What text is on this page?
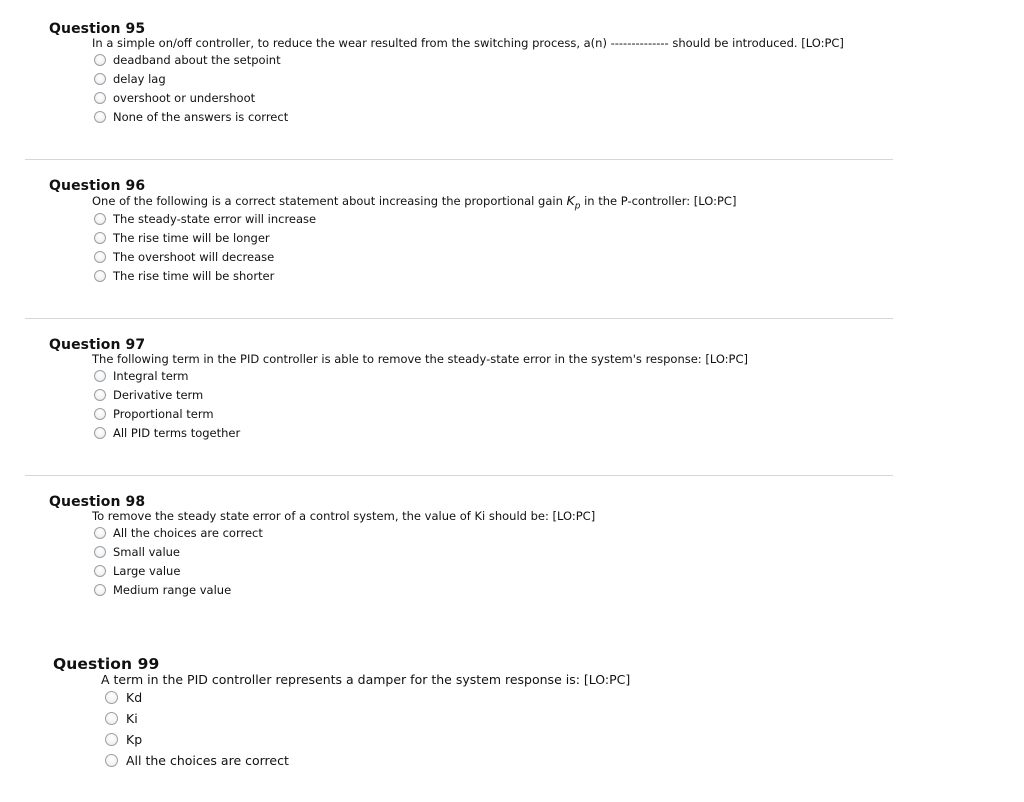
Question 95
In a simple on/off controller, to reduce the wear resulted from the switching process, a(n) -------------- should be introduced. [LO:PC]
deadband about the setpoint
delay lag
overshoot or undershoot
None of the answers is correct
Question 96
One of the following is a correct statement about increasing the proportional gain $K_p$ in the P-controller: [LO:PC]
The steady-state error will increase
The rise time will be longer
The overshoot will decrease
The rise time will be shorter
Question 97
The following term in the PID controller is able to remove the steady-state error in the system's response: [LO:PC]
Integral term
Derivative term
Proportional term
All PID terms together
Question 98
To remove the steady state error of a control system, the value of Ki should be: [LO:PC]
All the choices are correct
Small value
Large value
Medium range value
Question 99
A term in the PID controller represents a damper for the system response is: [LO:PC]
Kd
Ki
Kp
All the choices are correct
